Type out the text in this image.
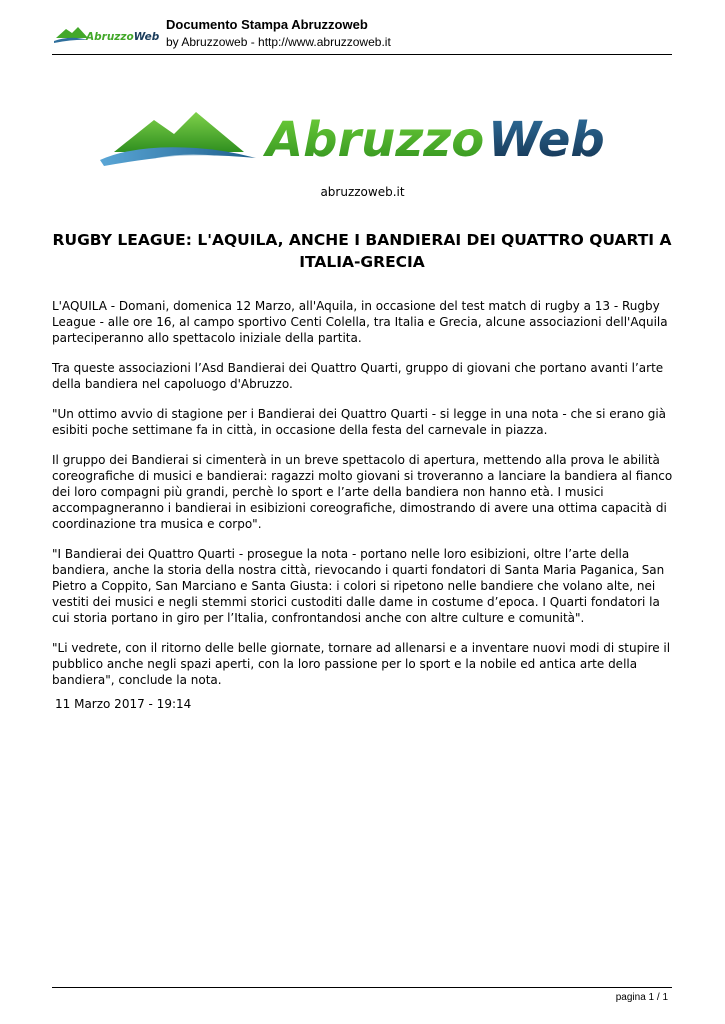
AbruzzoWeb
Documento Stampa Abruzzoweb
by Abruzzoweb - http://www.abruzzoweb.it
Abruzzo Web
abruzzoweb.it
RUGBY LEAGUE: L'AQUILA, ANCHE I BANDIERAI DEI QUATTRO QUARTI A ITALIA-GRECIA

L'AQUILA - Domani, domenica 12 Marzo, all'Aquila, in occasione del test match di rugby a 13 - Rugby League - alle ore 16, al campo sportivo Centi Colella, tra Italia e Grecia, alcune associazioni dell'Aquila parteciperanno allo spettacolo iniziale della partita.

Tra queste associazioni l’Asd Bandierai dei Quattro Quarti, gruppo di giovani che portano avanti l’arte della bandiera nel capoluogo d'Abruzzo.

"Un ottimo avvio di stagione per i Bandierai dei Quattro Quarti - si legge in una nota - che si erano già esibiti poche settimane fa in città, in occasione della festa del carnevale in piazza.

Il gruppo dei Bandierai si cimenterà in un breve spettacolo di apertura, mettendo alla prova le abilità coreografiche di musici e bandierai: ragazzi molto giovani si troveranno a lanciare la bandiera al fianco dei loro compagni più grandi, perchè lo sport e l’arte della bandiera non hanno età. I musici accompagneranno i bandierai in esibizioni coreografiche, dimostrando di avere una ottima capacità di coordinazione tra musica e corpo".

"I Bandierai dei Quattro Quarti - prosegue la nota - portano nelle loro esibizioni, oltre l’arte della bandiera, anche la storia della nostra città, rievocando i quarti fondatori di Santa Maria Paganica, San Pietro a Coppito, San Marciano e Santa Giusta: i colori si ripetono nelle bandiere che volano alte, nei vestiti dei musici e negli stemmi storici custoditi dalle dame in costume d’epoca. I Quarti fondatori la cui storia portano in giro per l’Italia, confrontandosi anche con altre culture e comunità".

"Li vedrete, con il ritorno delle belle giornate, tornare ad allenarsi e a inventare nuovi modi di stupire il pubblico anche negli spazi aperti, con la loro passione per lo sport e la nobile ed antica arte della bandiera", conclude la nota.

11 Marzo 2017 - 19:14
pagina 1 / 1
